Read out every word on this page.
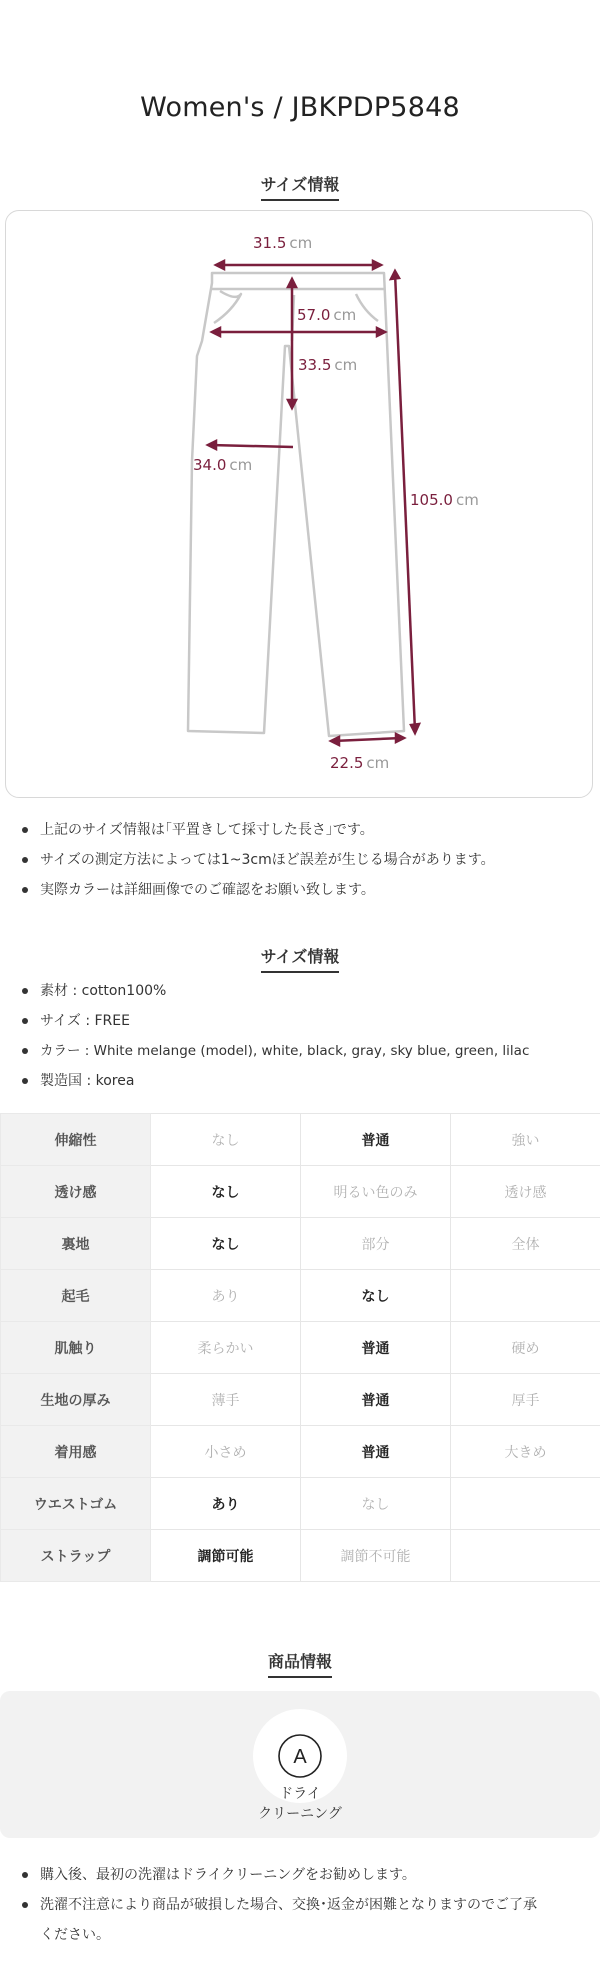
Women's / JBKPDP5848
サイズ情報
31.5 cm
57.0 cm
33.5 cm
34.0 cm
105.0 cm
22.5 cm
上記のサイズ情報は｢平置きして採寸した長さ｣です。
サイズの測定方法によっては1~3cmほど誤差が生じる場合があります。
実際カラーは詳細画像でのご確認をお願い致します。
サイズ情報
素材 : cotton100%
サイズ : FREE
カラー : White melange (model), white, black, gray, sky blue, green, lilac
製造国 : korea
伸縮性	なし	普通	強い
透け感	なし	明るい色のみ	透け感
裏地	なし	部分	全体
起毛	あり	なし	
肌触り	柔らかい	普通	硬め
生地の厚み	薄手	普通	厚手
着用感	小さめ	普通	大きめ
ウエストゴム	あり	なし	
ストラップ	調節可能	調節不可能	
商品情報
A
ドライ
クリーニング
購入後、最初の洗濯はドライクリーニングをお勧めします。
洗濯不注意により商品が破損した場合、交換･返金が困難となりますのでご了承ください。
